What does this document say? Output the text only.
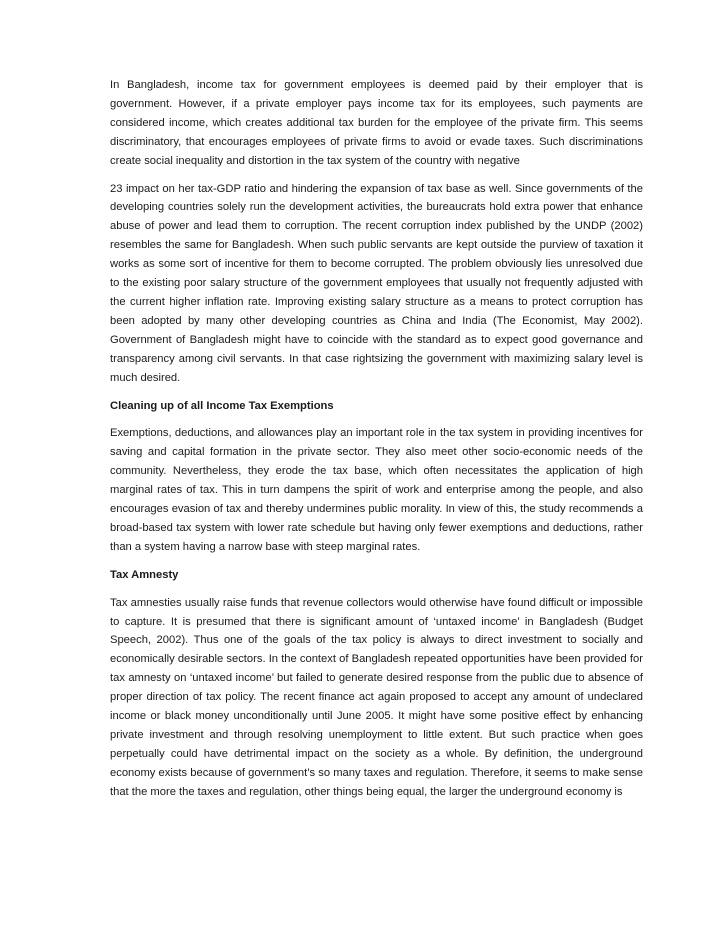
In Bangladesh, income tax for government employees is deemed paid by their employer that is government. However, if a private employer pays income tax for its employees, such payments are considered income, which creates additional tax burden for the employee of the private firm. This seems discriminatory, that encourages employees of private firms to avoid or evade taxes. Such discriminations create social inequality and distortion in the tax system of the country with negative

23 impact on her tax-GDP ratio and hindering the expansion of tax base as well. Since governments of the developing countries solely run the development activities, the bureaucrats hold extra power that enhance abuse of power and lead them to corruption. The recent corruption index published by the UNDP (2002) resembles the same for Bangladesh. When such public servants are kept outside the purview of taxation it works as some sort of incentive for them to become corrupted. The problem obviously lies unresolved due to the existing poor salary structure of the government employees that usually not frequently adjusted with the current higher inflation rate. Improving existing salary structure as a means to protect corruption has been adopted by many other developing countries as China and India (The Economist, May 2002). Government of Bangladesh might have to coincide with the standard as to expect good governance and transparency among civil servants. In that case rightsizing the government with maximizing salary level is much desired.

Cleaning up of all Income Tax Exemptions

Exemptions, deductions, and allowances play an important role in the tax system in providing incentives for saving and capital formation in the private sector. They also meet other socio-economic needs of the community. Nevertheless, they erode the tax base, which often necessitates the application of high marginal rates of tax. This in turn dampens the spirit of work and enterprise among the people, and also encourages evasion of tax and thereby undermines public morality. In view of this, the study recommends a broad-based tax system with lower rate schedule but having only fewer exemptions and deductions, rather than a system having a narrow base with steep marginal rates.

Tax Amnesty

Tax amnesties usually raise funds that revenue collectors would otherwise have found difficult or impossible to capture. It is presumed that there is significant amount of ‘untaxed income’ in Bangladesh (Budget Speech, 2002). Thus one of the goals of the tax policy is always to direct investment to socially and economically desirable sectors. In the context of Bangladesh repeated opportunities have been provided for tax amnesty on ‘untaxed income’ but failed to generate desired response from the public due to absence of proper direction of tax policy. The recent finance act again proposed to accept any amount of undeclared income or black money unconditionally until June 2005. It might have some positive effect by enhancing private investment and through resolving unemployment to little extent. But such practice when goes perpetually could have detrimental impact on the society as a whole. By definition, the underground economy exists because of government’s so many taxes and regulation. Therefore, it seems to make sense that the more the taxes and regulation, other things being equal, the larger the underground economy is
